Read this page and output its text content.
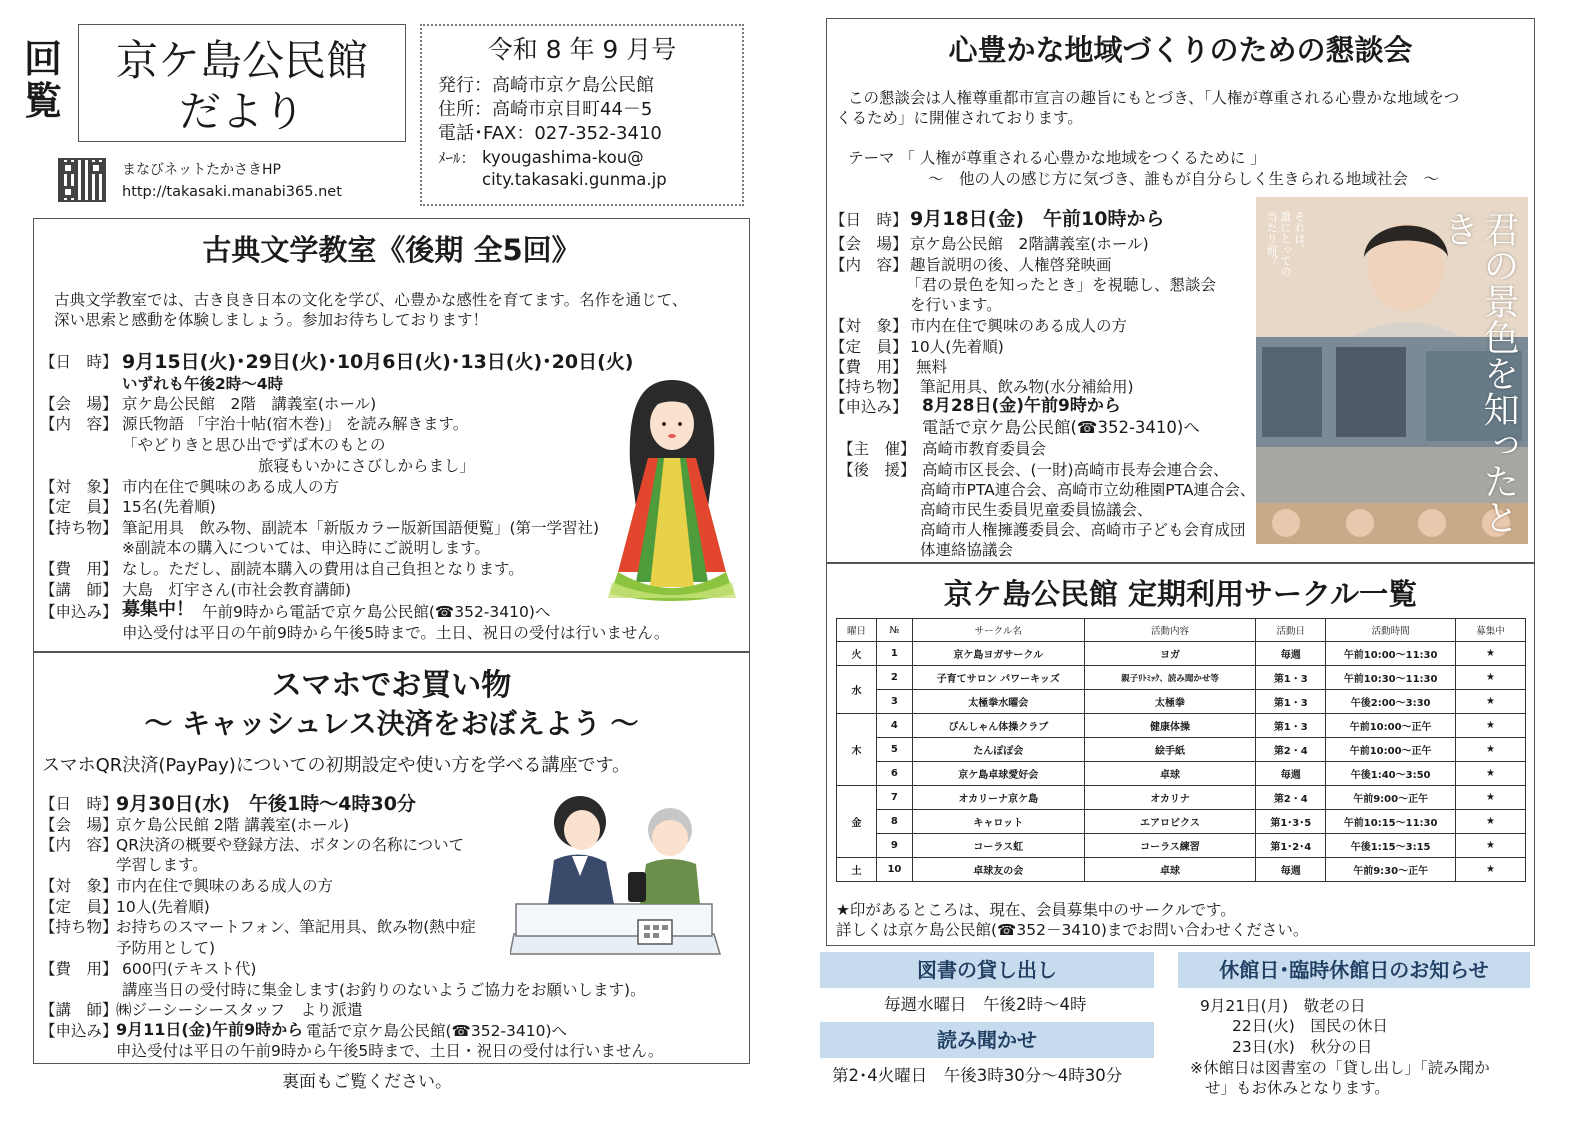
回
覧
京ケ島公民館
だより
まなびネットたかさきHP
http://takasaki.manabi365.net
令和 8 年 9 月号
発行：高崎市京ケ島公民館
住所：高崎市京目町44－5
電話･FAX：027-352-3410
ﾒｰﾙ： kyougashima-kou@
city.takasaki.gunma.jp
古典文学教室《後期 全5回》
古典文学教室では、古き良き日本の文化を学び、心豊かな感性を育てます。名作を通じて、
深い思索と感動を体験しましょう。参加お待ちしております！
【日　時】 9月15日(火)･29日(火)･10月6日(火)･13日(火)･20日(火)
いずれも午後2時～4時
【会　場】 京ケ島公民館　2階　講義室(ホール)
【内　容】 源氏物語 「宇治十帖(宿木巻)」 を読み解きます。
「やどりきと思ひ出でずば木のもとの
旅寝もいかにさびしからまし」
【対　象】 市内在住で興味のある成人の方
【定　員】 15名(先着順)
【持ち物】 筆記用具　飲み物、副読本「新版カラー版新国語便覧」(第一学習社)
※副読本の購入については、申込時にご説明します。
【費　用】 なし。ただし、副読本購入の費用は自己負担となります。
【講　師】 大島　灯宇さん(市社会教育講師)
【申込み】 募集中！ 午前9時から電話で京ケ島公民館(☎352-3410)へ
申込受付は平日の午前9時から午後5時まで。土日、祝日の受付は行いません。
スマホでお買い物
～ キャッシュレス決済をおぼえよう ～
スマホQR決済(PayPay)についての初期設定や使い方を学べる講座です。
【日　時】
9月30日(水)　午後1時～4時30分
【会　場】
京ケ島公民館 2階 講義室(ホール)
【内　容】
QR決済の概要や登録方法、ボタンの名称について
学習します。
【対　象】
市内在住で興味のある成人の方
【定　員】
10人(先着順)
【持ち物】
お持ちのスマートフォン、筆記用具、飲み物(熱中症
予防用として)
【費　用】 600円(テキスト代)
講座当日の受付時に集金します(お釣りのないようご協力をお願いします)。
【講　師】
㈱ジーシーシースタッフ　より派遣
【申込み】
9月11日(金)午前9時から 電話で京ケ島公民館(☎352-3410)へ
申込受付は平日の午前9時から午後5時まで、土日・祝日の受付は行いません。
裏面もご覧ください。
心豊かな地域づくりのための懇談会
この懇談会は人権尊重都市宣言の趣旨にもとづき、「人権が尊重される心豊かな地域をつ
くるため」に開催されております。
テーマ 「 人権が尊重される心豊かな地域をつくるために 」
～　他の人の感じ方に気づき、誰もが自分らしく生きられる地域社会　～
【日　時】 9月18日(金)　午前10時から
【会　場】 京ケ島公民館　2階講義室(ホール)
【内　容】 趣旨説明の後、人権啓発映画
「君の景色を知ったとき」を視聴し、懇談会
を行います。
【対　象】 市内在住で興味のある成人の方
【定　員】 10人(先着順)
【費　用】 無料
【持ち物】 筆記用具、飲み物(水分補給用)
【申込み】 8月28日(金)午前9時から
電話で京ケ島公民館(☎352-3410)へ
【主　催】 高崎市教育委員会
【後　援】 高崎市区長会、(一財)高崎市長寿会連合会、
高崎市PTA連合会、高崎市立幼稚園PTA連合会、
高崎市民生委員児童委員協議会、
高崎市人権擁護委員会、高崎市子ども会育成団
体連絡協議会
君の景色を知ったとき
それは、
誰にとっての
当たり前？
京ケ島公民館 定期利用サークル一覧
曜日	№	サークル名	活動内容	活動日	活動時間	募集中
火	1	京ケ島ヨガサークル	ヨガ	毎週	午前10:00～11:30	★
水	2	子育てサロン パワーキッズ	親子ﾘﾄﾐｯｸ、読み聞かせ等	第1・3	午前10:30～11:30	★
	3	太極拳水曜会	太極拳	第1・3	午後2:00～3:30	★
木	4	ぴんしゃん体操クラブ	健康体操	第1・3	午前10:00～正午	★
	5	たんぽぽ会	絵手紙	第2・4	午前10:00～正午	★
	6	京ケ島卓球愛好会	卓球	毎週	午後1:40～3:50	★
金	7	オカリーナ京ケ島	オカリナ	第2・4	午前9:00～正午	★
	8	キャロット	エアロビクス	第1･3･5	午前10:15～11:30	★
	9	コーラス虹	コーラス練習	第1･2･4	午後1:15～3:15	★
土	10	卓球友の会	卓球	毎週	午前9:30～正午	★
★印があるところは、現在、会員募集中のサークルです。
詳しくは京ケ島公民館(☎352－3410)までお問い合わせください。
図書の貸し出し
毎週水曜日　午後2時～4時
読み聞かせ
第2･4火曜日　午後3時30分～4時30分
休館日･臨時休館日のお知らせ
9月21日(月)　敬老の日
22日(火)　国民の休日
23日(水)　秋分の日
※休館日は図書室の「貸し出し」「読み聞か
せ」もお休みとなります。
